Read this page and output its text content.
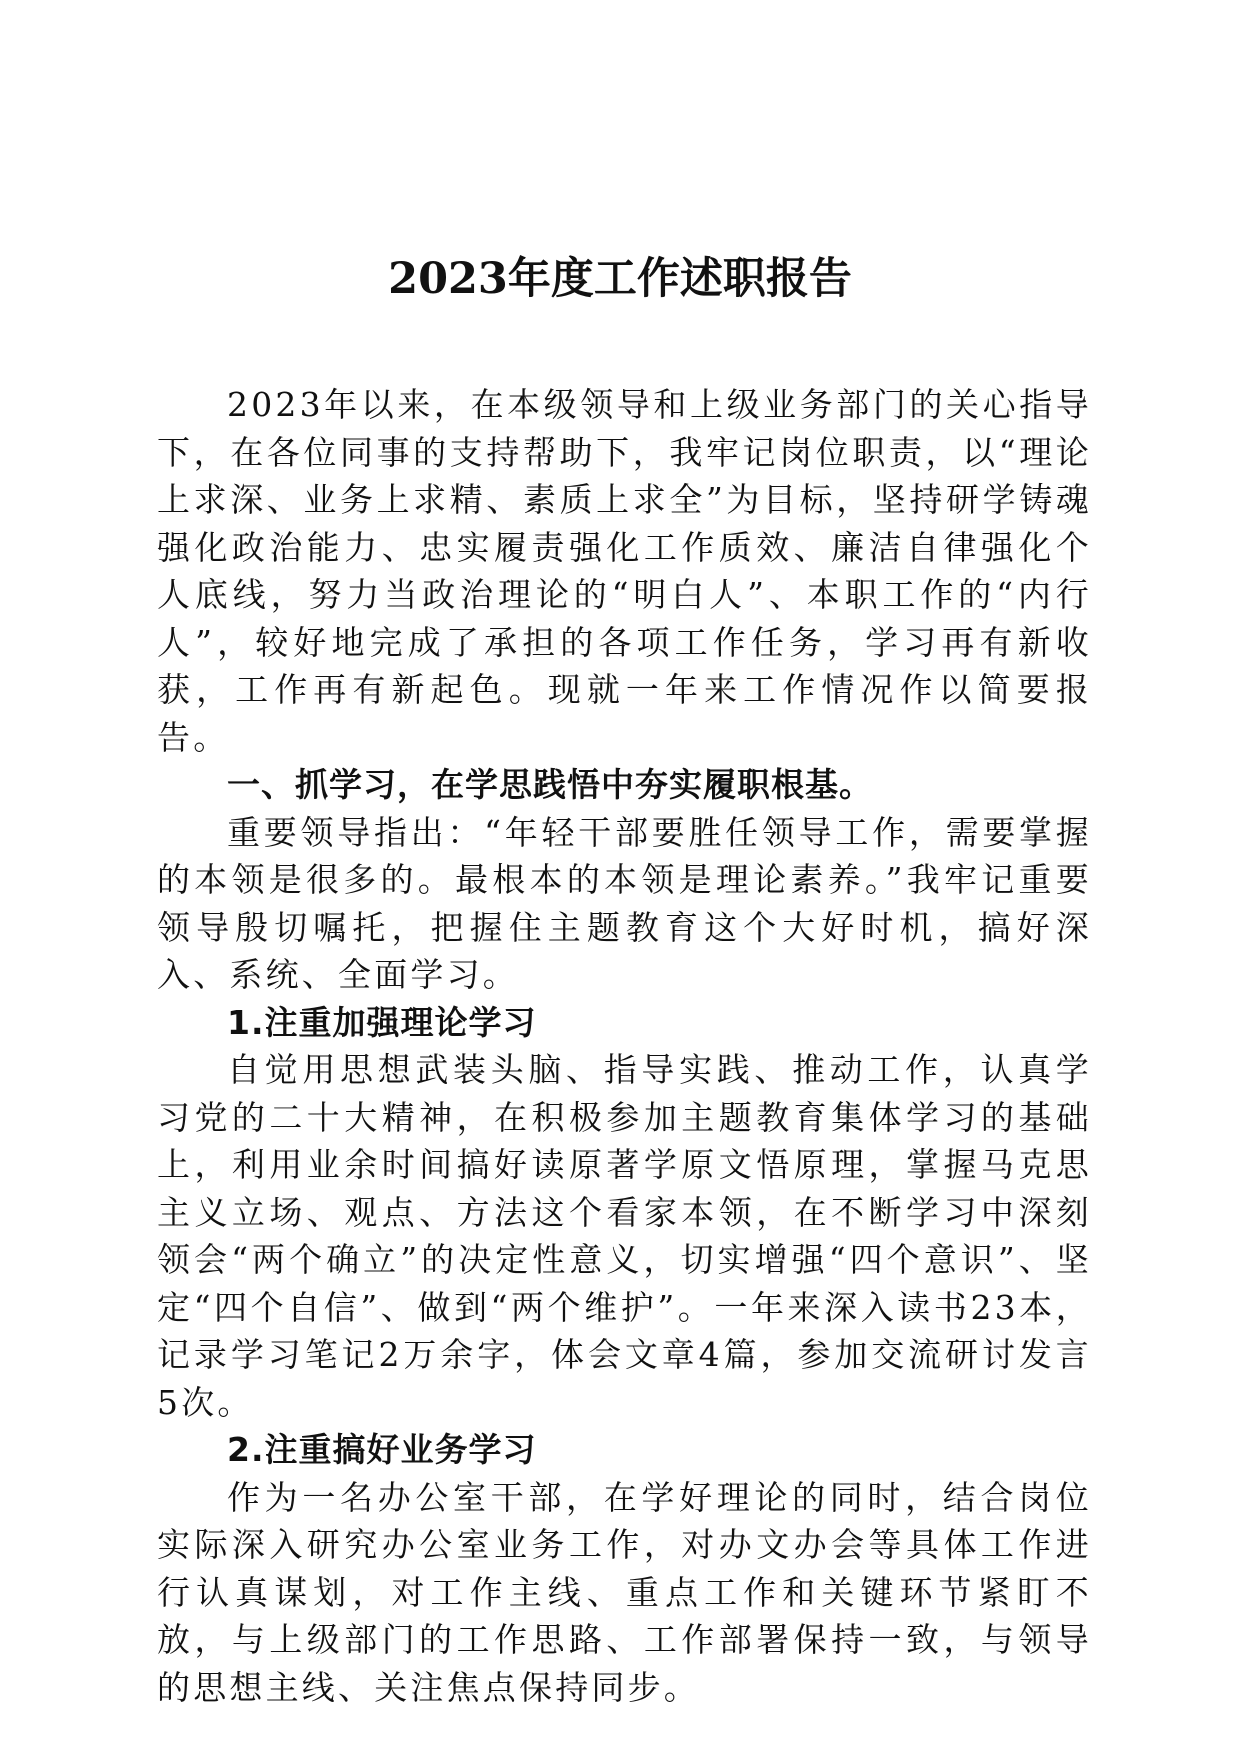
2023年度工作述职报告

2023年以来，在本级领导和上级业务部门的关心指导下，在各位同事的支持帮助下，我牢记岗位职责，以“理论上求深、业务上求精、素质上求全”为目标，坚持研学铸魂强化政治能力、忠实履责强化工作质效、廉洁自律强化个人底线，努力当政治理论的“明白人”、本职工作的“内行人”，较好地完成了承担的各项工作任务，学习再有新收获，工作再有新起色。现就一年来工作情况作以简要报告。

一、抓学习，在学思践悟中夯实履职根基。

重要领导指出：“年轻干部要胜任领导工作，需要掌握的本领是很多的。最根本的本领是理论素养。”我牢记重要领导殷切嘱托，把握住主题教育这个大好时机，搞好深入、系统、全面学习。

1.注重加强理论学习

自觉用思想武装头脑、指导实践、推动工作，认真学习党的二十大精神，在积极参加主题教育集体学习的基础上，利用业余时间搞好读原著学原文悟原理，掌握马克思主义立场、观点、方法这个看家本领，在不断学习中深刻领会“两个确立”的决定性意义，切实增强“四个意识”、坚定“四个自信”、做到“两个维护”。一年来深入读书23本，记录学习笔记2万余字，体会文章4篇，参加交流研讨发言5次。

2.注重搞好业务学习

作为一名办公室干部，在学好理论的同时，结合岗位实际深入研究办公室业务工作，对办文办会等具体工作进行认真谋划，对工作主线、重点工作和关键环节紧盯不放，与上级部门的工作思路、工作部署保持一致，与领导的思想主线、关注焦点保持同步。
